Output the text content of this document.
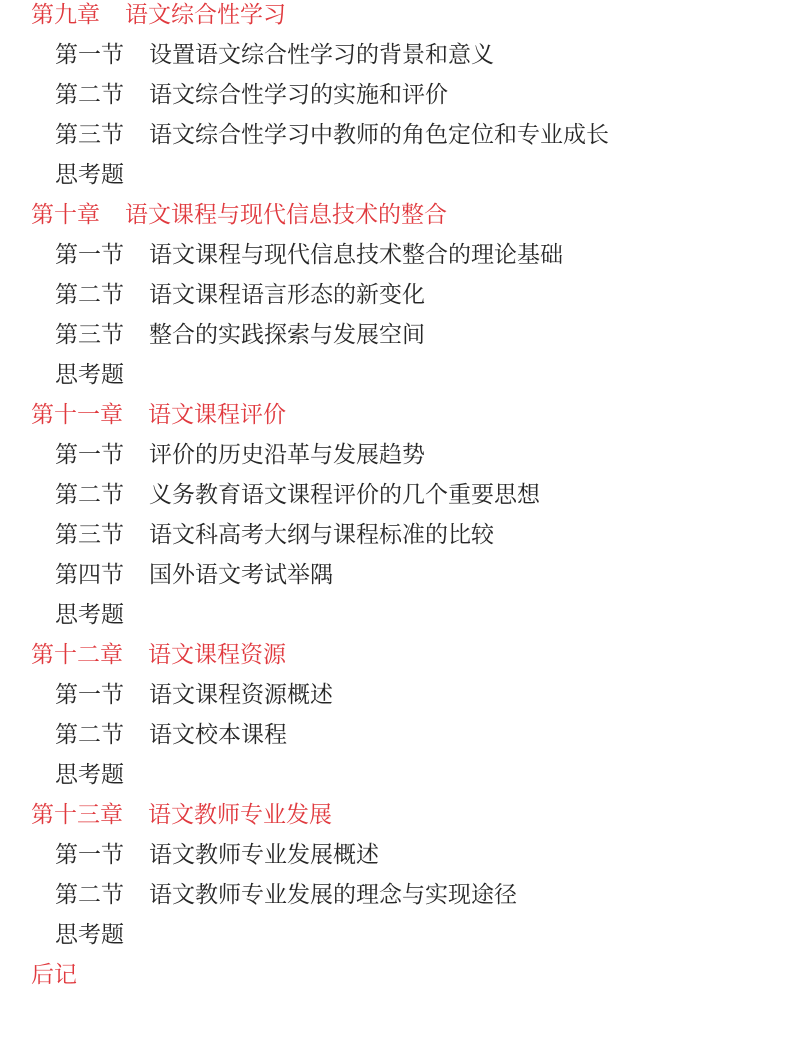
第九章 语文综合性学习
第一节 设置语文综合性学习的背景和意义
第二节 语文综合性学习的实施和评价
第三节 语文综合性学习中教师的角色定位和专业成长
思考题
第十章 语文课程与现代信息技术的整合
第一节 语文课程与现代信息技术整合的理论基础
第二节 语文课程语言形态的新变化
第三节 整合的实践探索与发展空间
思考题
第十一章 语文课程评价
第一节 评价的历史沿革与发展趋势
第二节 义务教育语文课程评价的几个重要思想
第三节 语文科高考大纲与课程标准的比较
第四节 国外语文考试举隅
思考题
第十二章 语文课程资源
第一节 语文课程资源概述
第二节 语文校本课程
思考题
第十三章 语文教师专业发展
第一节 语文教师专业发展概述
第二节 语文教师专业发展的理念与实现途径
思考题
后记
